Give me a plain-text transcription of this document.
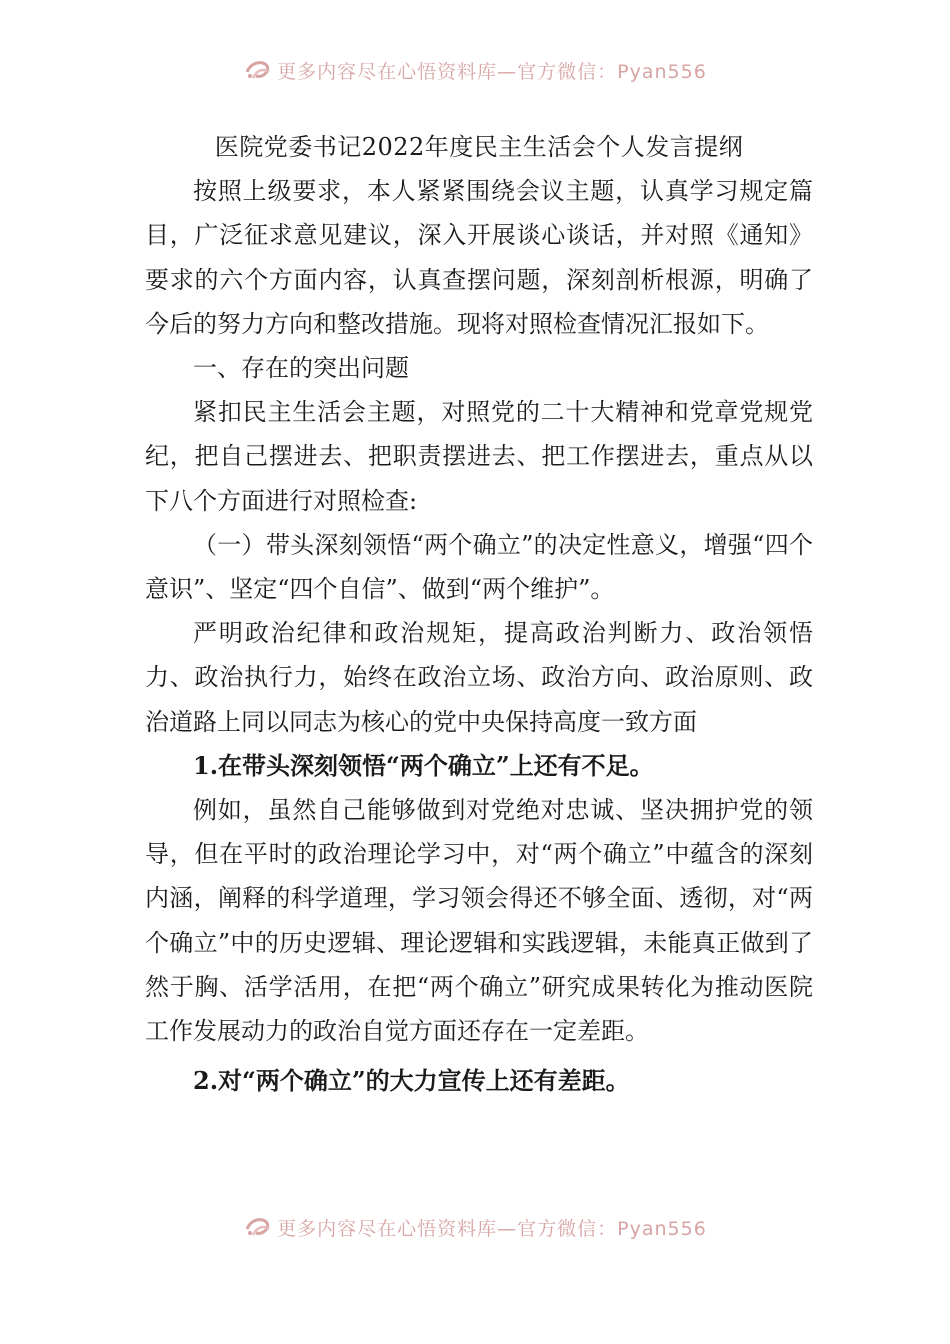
更多内容尽在心悟资料库—官方微信：Pyan556

医院党委书记2022年度民主生活会个人发言提纲

按照上级要求，本人紧紧围绕会议主题，认真学习规定篇目，广泛征求意见建议，深入开展谈心谈话，并对照《通知》要求的六个方面内容，认真查摆问题，深刻剖析根源，明确了今后的努力方向和整改措施。现将对照检查情况汇报如下。

一、存在的突出问题

紧扣民主生活会主题，对照党的二十大精神和党章党规党纪，把自己摆进去、把职责摆进去、把工作摆进去，重点从以下八个方面进行对照检查:

（一）带头深刻领悟“两个确立”的决定性意义，增强“四个意识”、坚定“四个自信”、做到“两个维护”。

严明政治纪律和政治规矩，提高政治判断力、政治领悟力、政治执行力，始终在政治立场、政治方向、政治原则、政治道路上同以同志为核心的党中央保持高度一致方面

1.在带头深刻领悟“两个确立”上还有不足。

例如，虽然自己能够做到对党绝对忠诚、坚决拥护党的领导，但在平时的政治理论学习中，对“两个确立”中蕴含的深刻内涵，阐释的科学道理，学习领会得还不够全面、透彻，对“两个确立”中的历史逻辑、理论逻辑和实践逻辑，未能真正做到了然于胸、活学活用，在把“两个确立”研究成果转化为推动医院工作发展动力的政治自觉方面还存在一定差距。

2.对“两个确立”的大力宣传上还有差距。

更多内容尽在心悟资料库—官方微信：Pyan556
